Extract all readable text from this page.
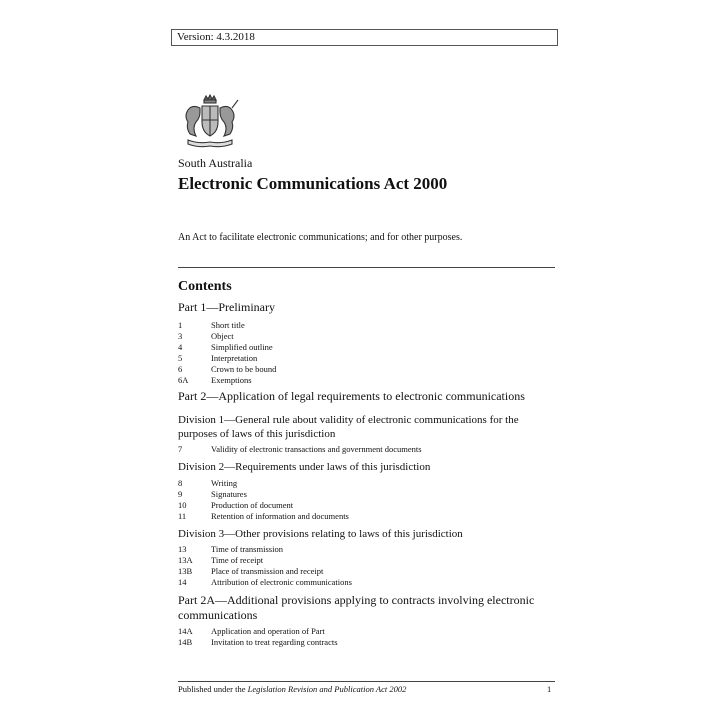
Version: 4.3.2018
South Australia
Electronic Communications Act 2000
An Act to facilitate electronic communications; and for other purposes.
Contents
Part 1—Preliminary
1	Short title
3	Object
4	Simplified outline
5	Interpretation
6	Crown to be bound
6A	Exemptions
Part 2—Application of legal requirements to electronic communications
Division 1—General rule about validity of electronic communications for the purposes of laws of this jurisdiction
7	Validity of electronic transactions and government documents
Division 2—Requirements under laws of this jurisdiction
8	Writing
9	Signatures
10	Production of document
11	Retention of information and documents
Division 3—Other provisions relating to laws of this jurisdiction
13	Time of transmission
13A	Time of receipt
13B	Place of transmission and receipt
14	Attribution of electronic communications
Part 2A—Additional provisions applying to contracts involving electronic communications
14A	Application and operation of Part
14B	Invitation to treat regarding contracts
Published under the Legislation Revision and Publication Act 2002	1
